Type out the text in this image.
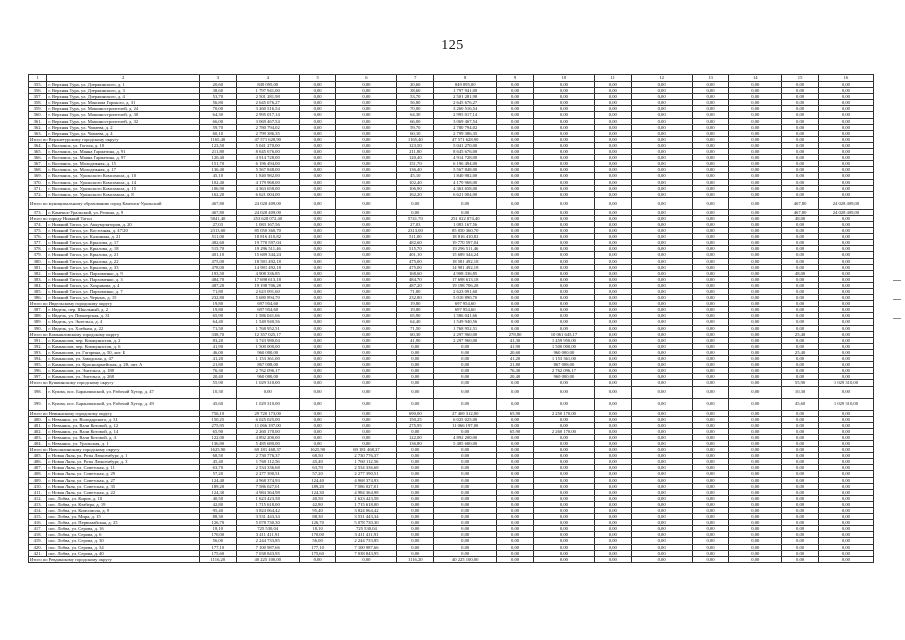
125
1	2	3	4	5	6	7	8	9	10	11	12	13	14	15	16
355.	г. Верхняя Тура, ул. Дзержинского, д. 1	20,60	849 095,00	0,00	0,00	20,60	849 095,00	0,00	0,00	0,00	0,00	0,00	0,00	0,00	0,00
356.	г. Верхняя Тура, ул. Дзержинского, д. 3	38,60	1 797 941,00	0,00	0,00	38,60	1 797 941,00	0,00	0,00	0,00	0,00	0,00	0,00	0,00	0,00
357.	г. Верхняя Тура, ул. Дзержинского, д. 4	53,70	2 501 281,98	0,00	0,00	53,70	2 501 281,98	0,00	0,00	0,00	0,00	0,00	0,00	0,00	0,00
358.	г. Верхняя Тура, ул. Максима Горького, д. 31	56,80	2 645 676,27	0,00	0,00	56,80	2 645 676,27	0,00	0,00	0,00	0,00	0,00	0,00	0,00	0,00
359.	г. Верхняя Тура, ул. Машиностроителей, д. 24	70,00	3 260 516,54	0,00	0,00	70,00	3 260 516,54	0,00	0,00	0,00	0,00	0,00	0,00	0,00	0,00
360.	г. Верхняя Тура, ул. Машиностроителей, д. 30	64,30	2 995 017,14	0,00	0,00	64,30	2 995 017,14	0,00	0,00	0,00	0,00	0,00	0,00	0,00	0,00
361.	г. Верхняя Тура, ул. Машиностроителей, д. 32	66,00	3 069 467,54	0,00	0,00	66,00	3 069 467,54	0,00	0,00	0,00	0,00	0,00	0,00	0,00	0,00
362.	г. Верхняя Тура, ул. Чапаева, д. 2	59,70	2 780 794,02	0,00	0,00	59,70	2 780 794,02	0,00	0,00	0,00	0,00	0,00	0,00	0,00	0,00
363.	г. Верхняя Тура, ул. Чапаева, д. 4	60,10	2 799 386,35	0,00	0,00	60,10	2 799 386,35	0,00	0,00	0,00	0,00	0,00	0,00	0,00	0,00
Итого по Верхнетурскому городскому округу		1165,40	47 571 628,90	0,00	0,00	1165,40	47 571 628,90	0,00	0,00	0,00	0,00	0,00	0,00	0,00	0,00
364.	г. Волчанск, ул. Гоголя, д. 10	123,50	5 041 270,00	0,00	0,00	123,50	5 041 270,00	0,00	0,00	0,00	0,00	0,00	0,00	0,00	0,00
365.	г. Волчанск, ул. Маяна Гарматина, д. 91	211,80	8 645 676,00	0,00	0,00	211,80	8 645 676,00	0,00	0,00	0,00	0,00	0,00	0,00	0,00	0,00
366.	г. Волчанск, ул. Маяна Гарматина, д. 97	120,40	4 914 728,00	0,00	0,00	120,40	4 914 728,00	0,00	0,00	0,00	0,00	0,00	0,00	0,00	0,00
367.	г. Волчанск, ул. Молодежная, д. 15	151,70	6 196 494,00	0,00	0,00	151,70	6 196 494,00	0,00	0,00	0,00	0,00	0,00	0,00	0,00	0,00
368.	г. Волчанск, ул. Молодежная, д. 17	136,40	5 567 848,00	0,00	0,00	136,40	5 567 848,00	0,00	0,00	0,00	0,00	0,00	0,00	0,00	0,00
369.	г. Волчанск, ул. Уральского Комсомола, д. 10	45,10	1 840 982,00	0,00	0,00	45,10	1 840 982,00	0,00	0,00	0,00	0,00	0,00	0,00	0,00	0,00
370.	г. Волчанск, ул. Уральского Комсомола, д. 14	102,40	4 179 968,00	0,00	0,00	102,40	4 179 968,00	0,00	0,00	0,00	0,00	0,00	0,00	0,00	0,00
371.	г. Волчанск, ул. Уральского Комсомола, д. 15	106,90	4 363 658,00	0,00	0,00	106,90	4 363 658,00	0,00	0,00	0,00	0,00	0,00	0,00	0,00	0,00
372.	г. Волчанск, ул. Уральского Комсомола, д. 8	162,20	6 621 004,00	0,00	0,00	162,20	6 621 004,00	0,00	0,00	0,00	0,00	0,00	0,00	0,00	0,00
Итого по муниципальному образованию город Каменск-Уральский		467,80	24 028 409,00	0,00	0,00	0,00	0,00	0,00	0,00	0,00	0,00	0,00	0,00	467,80	24 028 409,00
373.	г. Каменск-Уральский, ул. Репина, д. 9	467,80	24 028 409,00	0,00	0,00	0,00	0,00	0,00	0,00	0,00	0,00	0,00	0,00	467,80	24 028 409,00
Итого по городу Нижний Тагил		5841,40	253 628 072,40	0,00	0,00	5741,70	251 022 874,40	0,00	0,00	0,00	0,00	0,00	0,00	48,00	0,00
374.	г. Нижний Тагил, ул. Аккумуляторов, д. 20	27,03	1 083 167,56	0,00	0,00	27,03	1 083 167,56	0,00	0,00	0,00	0,00	0,00	0,00	0,00	0,00
375.	г. Нижний Тагил, ул. Восточная, д. 47/20	2313,00	85 050 360,70	0,00	0,00	2313,00	85 050 360,70	0,00	0,00	0,00	0,00	0,00	0,00	0,00	0,00
376.	г. Нижний Тагил, ул. Калинина, д. 21	511,00	18 816 410,82	0,00	0,00	511,00	18 816 410,82	0,00	0,00	0,00	0,00	0,00	0,00	0,00	0,00
377.	г. Нижний Тагил, ул. Крылова, д. 17	482,60	19 770 597,04	0,00	0,00	482,60	19 770 597,04	0,00	0,00	0,00	0,00	0,00	0,00	0,00	0,00
378.	г. Нижний Тагил, ул. Крылова, д. 18	515,70	19 296 511,46	0,00	0,00	515,70	19 296 511,46	0,00	0,00	0,00	0,00	0,00	0,00	0,00	0,00
379.	г. Нижний Тагил, ул. Крылова, д. 21	401,10	15 689 344,24	0,00	0,00	401,10	15 689 344,24	0,00	0,00	0,00	0,00	0,00	0,00	0,00	0,00
380.	г. Нижний Тагил, ул. Крылова, д. 22	475,00	18 581 492,18	0,00	0,00	475,00	18 581 492,18	0,00	0,00	0,00	0,00	0,00	0,00	0,00	0,00
381.	г. Нижний Тагил, ул. Крылова, д. 33	478,00	14 981 492,18	0,00	0,00	475,00	14 981 492,18	0,00	0,00	0,00	0,00	0,00	0,00	0,00	0,00
382.	г. Нижний Тагил, ул. Пархоменко, д. 9	193,50	4 908 336,85	0,00	0,00	168,60	4 908 336,85	0,00	0,00	0,00	0,00	0,00	0,00	48,00	0,00
383.	г. Нижний Тагил, ул. Пархоменко, д. 3	484,70	17 698 613,18	0,00	0,00	484,70	17 698 613,18	0,00	0,00	0,00	0,00	0,00	0,00	0,00	0,00
384.	г. Нижний Тагил, ул. Хохрякова, д. 4	487,20	19 198 706,28	0,00	0,00	487,20	19 198 706,28	0,00	0,00	0,00	0,00	0,00	0,00	0,00	0,00
385.	г. Нижний Тагил, ул. Пархоменко, д. 7	71,80	2 623 091,60	0,00	0,00	71,80	2 623 091,60	0,00	0,00	0,00	0,00	0,00	0,00	0,00	0,00
386.	г. Нижний Тагил, ул. Черных, д. 15	232,80	5 680 894,70	0,00	0,00	232,80	5 010 890,70	0,00	0,00	0,00	0,00	0,00	0,00	0,00	0,00
Итого по Ивдельскому городскому округу		19,80	697 954,60	0,00	0,00	19,80	697 954,60	0,00	0,00	0,00	0,00	0,00	0,00	0,00	0,00
387.	г. Ивдель, пер. Школьный, д. 2	19,80	697 954,60	0,00	0,00	19,80	697 954,60	0,00	0,00	0,00	0,00	0,00	0,00	0,00	0,00
388.	г. Ивдель, ул. Пионерская, д. 31	65,90	1 586 041,66	0,00	0,00	65,90	1 586 041,66	0,00	0,00	0,00	0,00	0,00	0,00	0,00	0,00
389.	г. Ивдель, ул. Энгельса, д. 4	64,40	1 549 940,56	0,00	0,00	64,40	1 549 940,56	0,00	0,00	0,00	0,00	0,00	0,00	0,00	0,00
390.	г. Ивдель, ул. Хлебная, д. 22	71,50	1 768 952,51	0,00	0,00	71,50	1 768 952,51	0,00	0,00	0,00	0,00	0,00	0,00	0,00	0,00
Итого по Камышловскому городскому округу		338,70	12 357 025,17	0,00	0,00	60,30	2 297 960,00	278,80	10 061 645,17	0,00	0,00	0,00	0,00	25,40	0,00
391.	г. Камышлов, пер. Коммунистов, д. 2	83,20	3 743 980,04	0,00	0,00	41,90	2 297 960,00	41,30	1 459 950,00	0,00	0,00	0,00	0,00	0,00	0,00
392.	г. Камышлов, пер. Коммунистов, д. 6	41,90	1 500 000,00	0,00	0,00	0,00	0,00	41,90	1 500 000,00	0,00	0,00	0,00	0,00	0,00	0,00
393.	г. Камышлов, ул. Гагарина, д. 50, лит. Б	46,00	960 000,00	0,00	0,00	0,00	0,00	20,60	960 000,00	0,00	0,00	0,00	0,00	25,40	0,00
394.	г. Камышлов, ул. Заводская, д. 47	41,20	1 153 361,00	0,00	0,00	0,00	0,00	41,20	1 153 361,00	0,00	0,00	0,00	0,00	0,00	0,00
395.	г. Камышлов, ул. Красноармейская, д. 28, лит. А	21,80	867 008,00	0,00	0,00	0,00	0,00	21,80	867 008,00	0,00	0,00	0,00	0,00	0,00	0,00
396.	г. Камышлов, ул. Энгельса, д. 188	76,30	2 762 096,17	0,00	0,00	0,00	0,00	76,30	2 762 096,17	0,00	0,00	0,00	0,00	0,00	0,00
397.	г. Камышлов, ул. Энгельса, д. 268	20,40	960 000,00	0,00	0,00	0,00	0,00	20,40	960 000,00	0,00	0,00	0,00	0,00	0,00	0,00
Итого по Кушвинскому городскому округу		55,90	1 029 310,00	0,00	0,00	0,00	0,00	0,00	0,00	0,00	0,00	0,00	0,00	55,90	1 029 310,00
398.	г. Кушва, пос. Баранчинский, ул. Рабочий Хутор, д. 47	10,30	0,00	0,00	0,00	0,00	0,00	0,00	0,00	0,00	0,00	0,00	0,00	10,30	0,00
399.	г. Кушва, пос. Баранчинский, ул. Рабочий Хутор, д. 49	45,60	1 029 310,00	0,00	0,00	0,00	0,00	0,00	0,00	0,00	0,00	0,00	0,00	45,60	1 029 310,00
Итого по Невьянскому городскому округу		756,10	29 720 173,00	0,00	0,00	690,00	27 469 312,00	65,90	2 250 170,00	0,00	0,00	0,00	0,00	0,00	0,00
400.	г. Невьянск, ул. Володарского, д. 31	150,25	6 025 025,00	0,00	0,00	150,25	6 025 025,00	0,00	0,00	0,00	0,00	0,00	0,00	0,00	0,00
401.	г. Невьянск, ул. Вали Котовой, д. 12	275,95	11 066 197,00	0,00	0,00	275,95	11 066 197,00	0,00	0,00	0,00	0,00	0,00	0,00	0,00	0,00
402.	г. Невьянск, ул. Вали Котовой, д. 14	65,90	2 260 170,00	0,00	0,00	0,00	0,00	65,90	2 260 170,00	0,00	0,00	0,00	0,00	0,00	0,00
403.	г. Невьянск, ул. Вали Котовой, д. 4	122,00	4 892 200,00	0,00	0,00	122,00	4 892 200,00	0,00	0,00	0,00	0,00	0,00	0,00	0,00	0,00
404.	г. Невьянск, ул. Уральская, д. 1	136,80	5 485 680,00	0,00	0,00	136,80	5 485 680,00	0,00	0,00	0,00	0,00	0,00	0,00	0,00	0,00
Итого по Новолялинскому городскому округу		1625,90	69 181 468,37	1625,90	69 181 468,37	0,00	0,00	0,00	0,00	0,00	0,00	0,00	0,00	0,00	0,00
405.	г. Новая Ляля, ул. Розы Люксембург, д. 1	68,50	2 730 776,37	68,50	2 730 776,37	0,00	0,00	0,00	0,00	0,00	0,00	0,00	0,00	0,00	0,00
406.	г. Новая Ляля, ул. Розы Люксембург, д. 3	45,40	1 760 112,56	45,40	1 760 112,56	0,00	0,00	0,00	0,00	0,00	0,00	0,00	0,00	0,00	0,00
407.	г. Новая Ляля, ул. Советская, д. 11	63,70	2 534 336,68	63,70	2 534 336,68	0,00	0,00	0,00	0,00	0,00	0,00	0,00	0,00	0,00	0,00
408.	г. Новая Ляля, ул. Советская, д. 29	57,20	2 277 390,51	57,20	2 277 390,51	0,00	0,00	0,00	0,00	0,00	0,00	0,00	0,00	0,00	0,00
409.	г. Новая Ляля, ул. Советская, д. 27	124,40	4 968 374,93	124,40	4 968 374,93	0,00	0,00	0,00	0,00	0,00	0,00	0,00	0,00	0,00	0,00
410.	г. Новая Ляля, ул. Советская, д. 35	189,20	7 586 027,01	189,20	7 586 027,01	0,00	0,00	0,00	0,00	0,00	0,00	0,00	0,00	0,00	0,00
411.	г. Новая Ляля, ул. Советская, д. 22	124,30	4 984 364,98	124,30	4 984 364,98	0,00	0,00	0,00	0,00	0,00	0,00	0,00	0,00	0,00	0,00
412.	пос. Лобва, ул. Киров, д. 10	40,50	1 623 423,58	40,50	1 623 423,58	0,00	0,00	0,00	0,00	0,00	0,00	0,00	0,00	0,00	0,00
413.	пос. Лобва, ул. Ктабера, д. 19	42,80	1 715 618,00	42,80	1 715 618,00	0,00	0,00	0,00	0,00	0,00	0,00	0,00	0,00	0,00	0,00
414.	пос. Лобва, ул. Комсомола, д. 9	95,40	3 824 064,42	95,40	3 824 064,42	0,00	0,00	0,00	0,00	0,00	0,00	0,00	0,00	0,00	0,00
415.	пос. Лобва, ул. Мира, д. 15	88,30	3 531 443,34	88,30	3 531 443,34	0,00	0,00	0,00	0,00	0,00	0,00	0,00	0,00	0,00	0,00
416.	пос. Лобва, ул. Первомайская, д. 25	126,70	5 078 730,30	126,70	5 078 730,30	0,00	0,00	0,00	0,00	0,00	0,00	0,00	0,00	0,00	0,00
417.	пос. Лобва, ул. Серова, д. 16	18,10	725 530,04	18,10	725 530,04	0,00	0,00	0,00	0,00	0,00	0,00	0,00	0,00	0,00	0,00
418.	пос. Лобва, ул. Серова, д. 6	170,00	3 411 411,91	170,00	3 411 411,91	0,00	0,00	0,00	0,00	0,00	0,00	0,00	0,00	0,00	0,00
419.	пос. Лобва, ул. Серова, д. 30	56,00	2 244 733,85	56,00	2 244 733,85	0,00	0,00	0,00	0,00	0,00	0,00	0,00	0,00	0,00	0,00
420.	пос. Лобва, ул. Серова, д. 34	177,10	7 100 987,66	177,10	7 100 987,66	0,00	0,00	0,00	0,00	0,00	0,00	0,00	0,00	0,00	0,00
421.	пос. Лобва, ул. Серова, д. 40	175,60	7 038 843,95	175,60	7 038 843,95	0,00	0,00	0,00	0,00	0,00	0,00	0,00	0,00	0,00	0,00
Итого по Ревдинскому городскому округу		1116,20	40 225 100,00	0,00	0,00	1116,20	40 225 100,00	0,00	0,00	0,00	0,00	0,00	0,00	0,00	0,00
